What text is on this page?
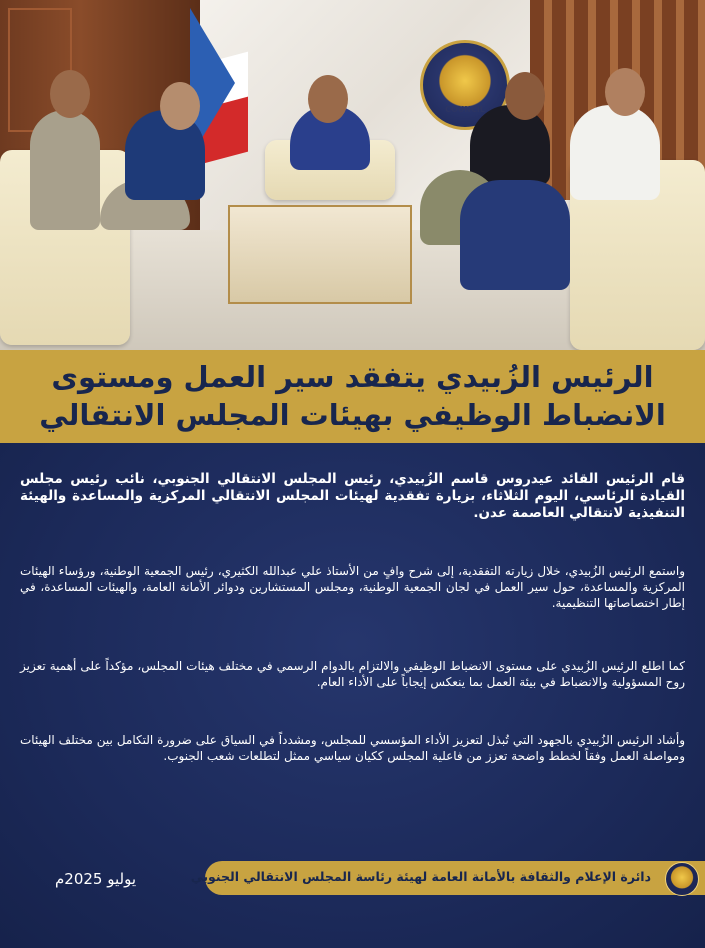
COUNCIL
الرئيس الزُبيدي يتفقد سير العمل ومستوى
الانضباط الوظيفي بهيئات المجلس الانتقالي
قام الرئيس القائد عيدروس قاسم الزُبيدي، رئيس المجلس الانتقالي الجنوبي، نائب رئيس مجلس القيادة الرئاسي، اليوم الثلاثاء، بزيارة تفقدية لهيئات المجلس الانتقالي المركزية والمساعدة والهيئة التنفيذية لانتقالي العاصمة عدن.
واستمع الرئيس الزُبيدي، خلال زيارته التفقدية، إلى شرح وافٍ من الأستاذ علي عبدالله الكثيري، رئيس الجمعية الوطنية، ورؤساء الهيئات المركزية والمساعدة، حول سير العمل في لجان الجمعية الوطنية، ومجلس المستشارين ودوائر الأمانة العامة، والهيئات المساعدة، في إطار اختصاصاتها التنظيمية.
كما اطلع الرئيس الزُبيدي على مستوى الانضباط الوظيفي والالتزام بالدوام الرسمي في مختلف هيئات المجلس، مؤكداً على أهمية تعزيز روح المسؤولية والانضباط في بيئة العمل بما ينعكس إيجاباً على الأداء العام.
وأشاد الرئيس الزُبيدي بالجهود التي تُبذل لتعزيز الأداء المؤسسي للمجلس، ومشدداً في السياق على ضرورة التكامل بين مختلف الهيئات ومواصلة العمل وفقاً لخطط واضحة تعزز من فاعلية المجلس ككيان سياسي ممثل لتطلعات شعب الجنوب.
يوليو 2025م	دائرة الإعلام والثقافة بالأمانة العامة لهيئة رئاسة المجلس الانتقالي الجنوبي
